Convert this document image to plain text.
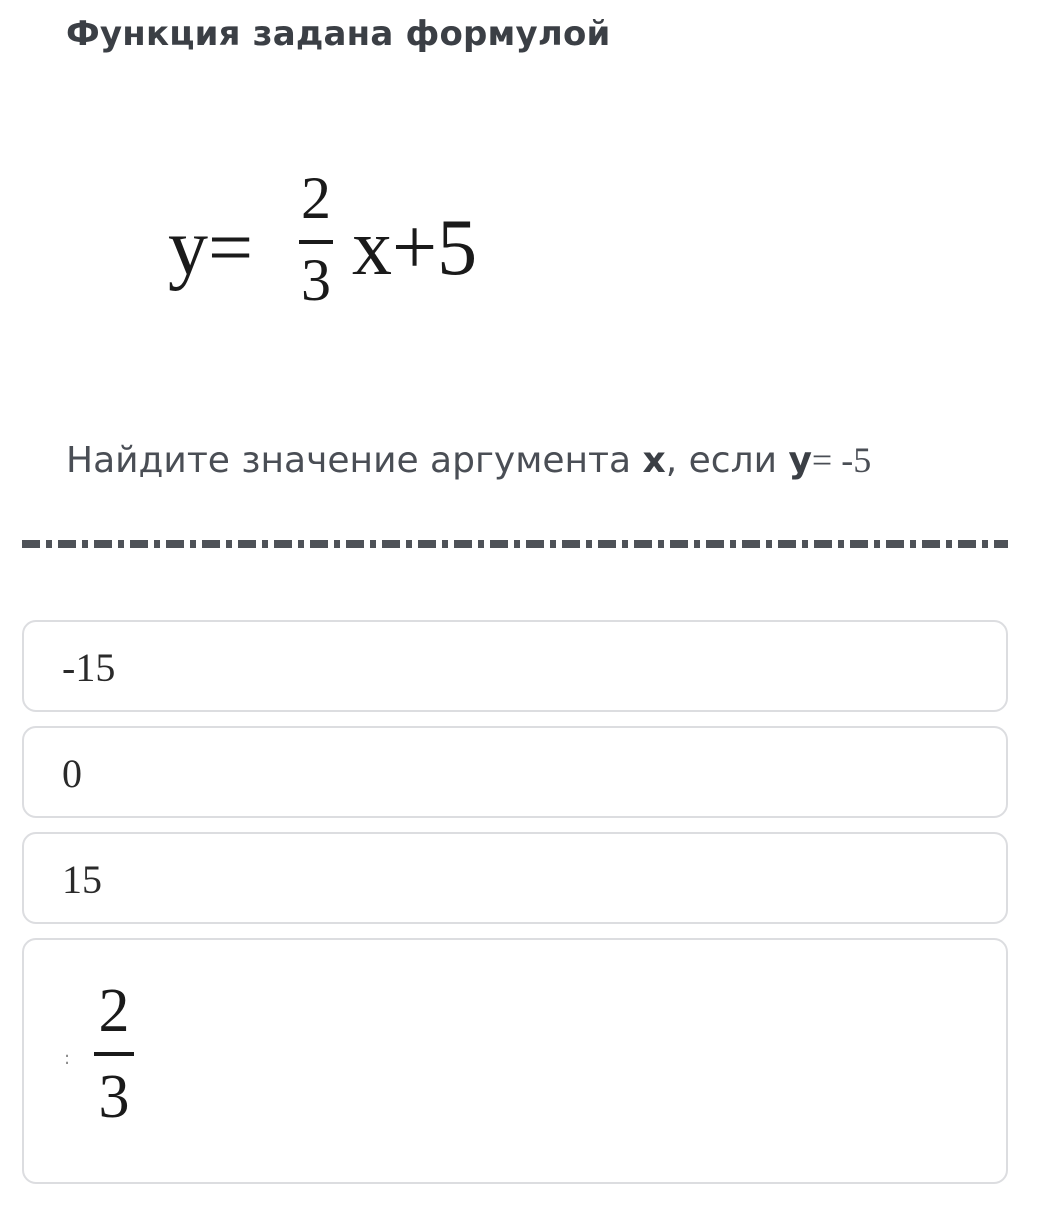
Функция задана формулой
y=
2
3 x+5
Найдите значение аргумента x, если y= -5
-15
0
15
:
2
3
